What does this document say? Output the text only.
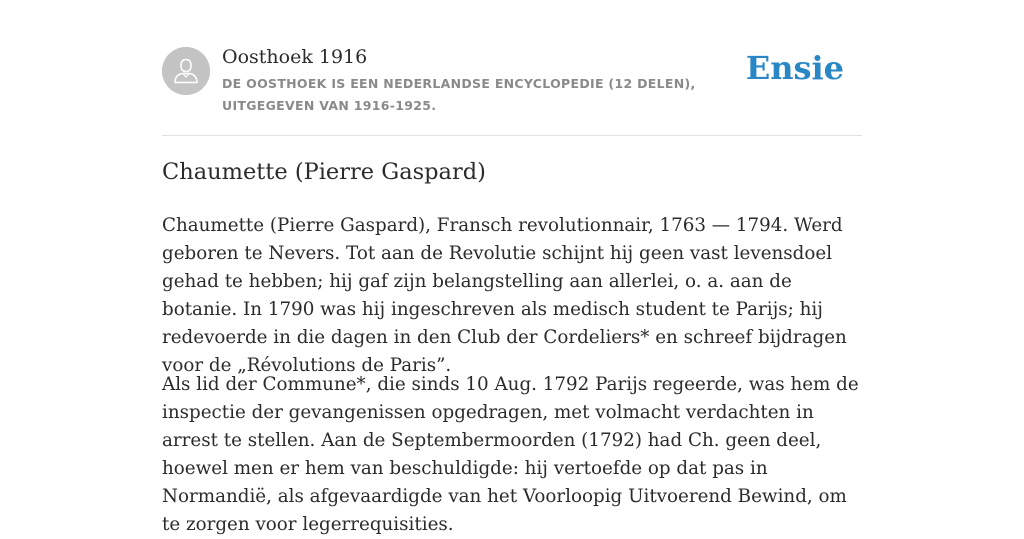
Oosthoek 1916
DE OOSTHOEK IS EEN NEDERLANDSE ENCYCLOPEDIE (12 DELEN), UITGEGEVEN VAN 1916-1925.
Ensie
Chaumette (Pierre Gaspard)

Chaumette (Pierre Gaspard), Fransch revolutionnair, 1763 — 1794. Werd geboren te Nevers. Tot aan de Revolutie schijnt hij geen vast levensdoel gehad te hebben; hij gaf zijn belangstelling aan allerlei, o. a. aan de botanie. In 1790 was hij ingeschreven als medisch student te Parijs; hij redevoerde in die dagen in den Club der Cordeliers* en schreef bijdragen voor de „Révolutions de Paris”.

Als lid der Commune*, die sinds 10 Aug. 1792 Parijs regeerde, was hem de inspectie der gevangenissen opgedragen, met volmacht verdachten in arrest te stellen. Aan de Septembermoorden (1792) had Ch. geen deel, hoewel men er hem van beschuldigde: hij vertoefde op dat pas in Normandië, als afgevaardigde van het Voorloopig Uitvoerend Bewind, om te zorgen voor legerrequisities.
